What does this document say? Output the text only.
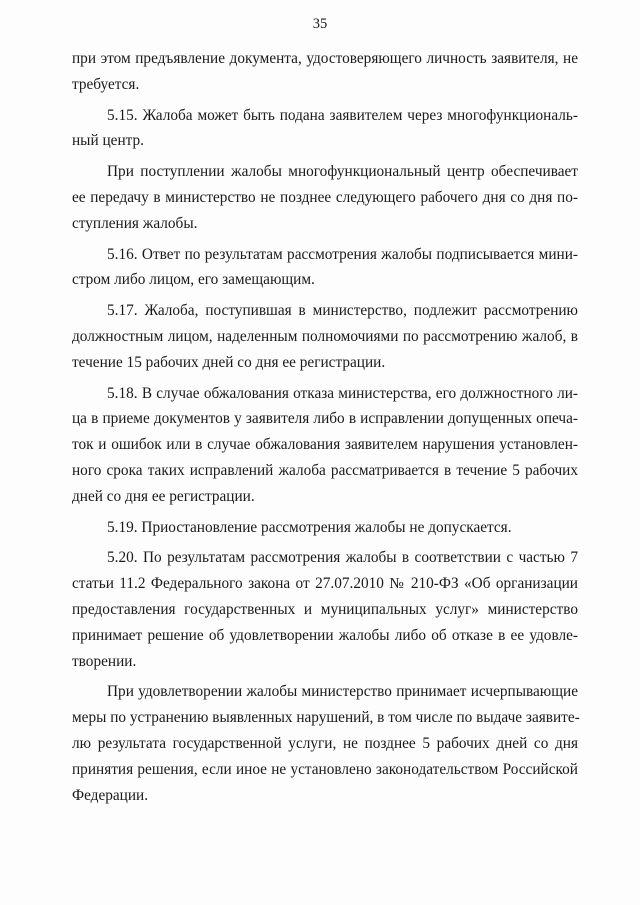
35
при этом предъявление документа, удостоверяющего личность заявителя, не
требуется.
5.15. Жалоба может быть подана заявителем через многофункциональ-
ный центр.
При поступлении жалобы многофункциональный центр обеспечивает
ее передачу в министерство не позднее следующего рабочего дня со дня по-
ступления жалобы.
5.16. Ответ по результатам рассмотрения жалобы подписывается мини-
стром либо лицом, его замещающим.
5.17. Жалоба, поступившая в министерство, подлежит рассмотрению
должностным лицом, наделенным полномочиями по рассмотрению жалоб, в
течение 15 рабочих дней со дня ее регистрации.
5.18. В случае обжалования отказа министерства, его должностного ли-
ца в приеме документов у заявителя либо в исправлении допущенных опеча-
ток и ошибок или в случае обжалования заявителем нарушения установлен-
ного срока таких исправлений жалоба рассматривается в течение 5 рабочих
дней со дня ее регистрации.
5.19. Приостановление рассмотрения жалобы не допускается.
5.20. По результатам рассмотрения жалобы в соответствии с частью 7
статьи 11.2 Федерального закона от 27.07.2010 № 210-ФЗ «Об организации
предоставления государственных и муниципальных услуг» министерство
принимает решение об удовлетворении жалобы либо об отказе в ее удовле-
творении.
При удовлетворении жалобы министерство принимает исчерпывающие
меры по устранению выявленных нарушений, в том числе по выдаче заявите-
лю результата государственной услуги, не позднее 5 рабочих дней со дня
принятия решения, если иное не установлено законодательством Российской
Федерации.
